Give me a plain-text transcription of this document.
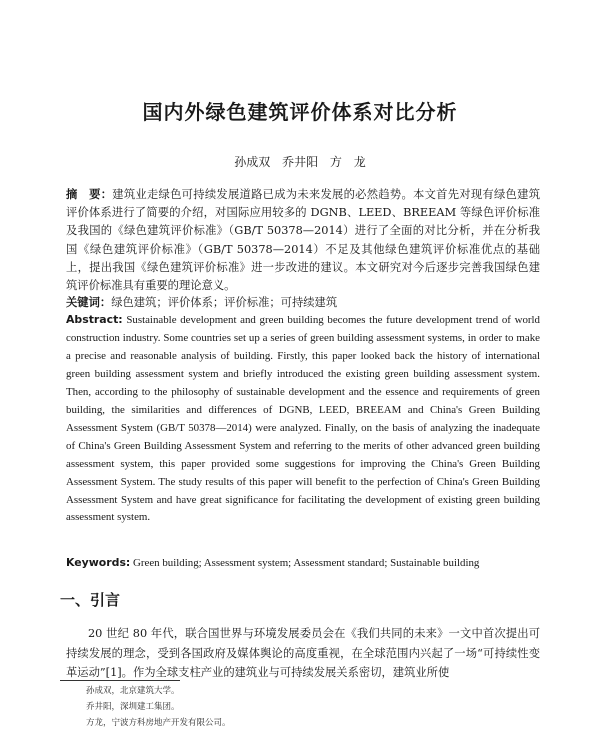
国内外绿色建筑评价体系对比分析
孙成双 乔井阳 方 龙
摘　要：建筑业走绿色可持续发展道路已成为未来发展的必然趋势。本文首先对现有绿色建筑评价体系进行了简要的介绍，对国际应用较多的 DGNB、LEED、BREEAM 等绿色评价标准及我国的《绿色建筑评价标准》（GB/T 50378—2014）进行了全面的对比分析，并在分析我国《绿色建筑评价标准》（GB/T 50378—2014）不足及其他绿色建筑评价标准优点的基础上，提出我国《绿色建筑评价标准》进一步改进的建议。本文研究对今后逐步完善我国绿色建筑评价标准具有重要的理论意义。
关键词：绿色建筑；评价体系；评价标准；可持续建筑
Abstract: Sustainable development and green building becomes the future development trend of world construction industry. Some countries set up a series of green building assessment systems, in order to make a precise and reasonable analysis of building. Firstly, this paper looked back the history of international green building assessment system and briefly introduced the existing green building assessment system. Then, according to the philosophy of sustainable development and the essence and requirements of green building, the similarities and differences of DGNB, LEED, BREEAM and China's Green Building Assessment System (GB/T 50378—2014) were analyzed. Finally, on the basis of analyzing the inadequate of China's Green Building Assessment System and referring to the merits of other advanced green building assessment system, this paper provided some suggestions for improving the China's Green Building Assessment System. The study results of this paper will benefit to the perfection of China's Green Building Assessment System and have great significance for facilitating the development of existing green building assessment system.
Keywords: Green building; Assessment system; Assessment standard; Sustainable building
一、引言
20 世纪 80 年代，联合国世界与环境发展委员会在《我们共同的未来》一文中首次提出可持续发展的理念，受到各国政府及媒体舆论的高度重视，在全球范围内兴起了一场“可持续性变革运动”[1]。作为全球支柱产业的建筑业与可持续发展关系密切，建筑业所使
孙成双，北京建筑大学。
乔井阳，深圳建工集团。
方龙，宁波方科房地产开发有限公司。
